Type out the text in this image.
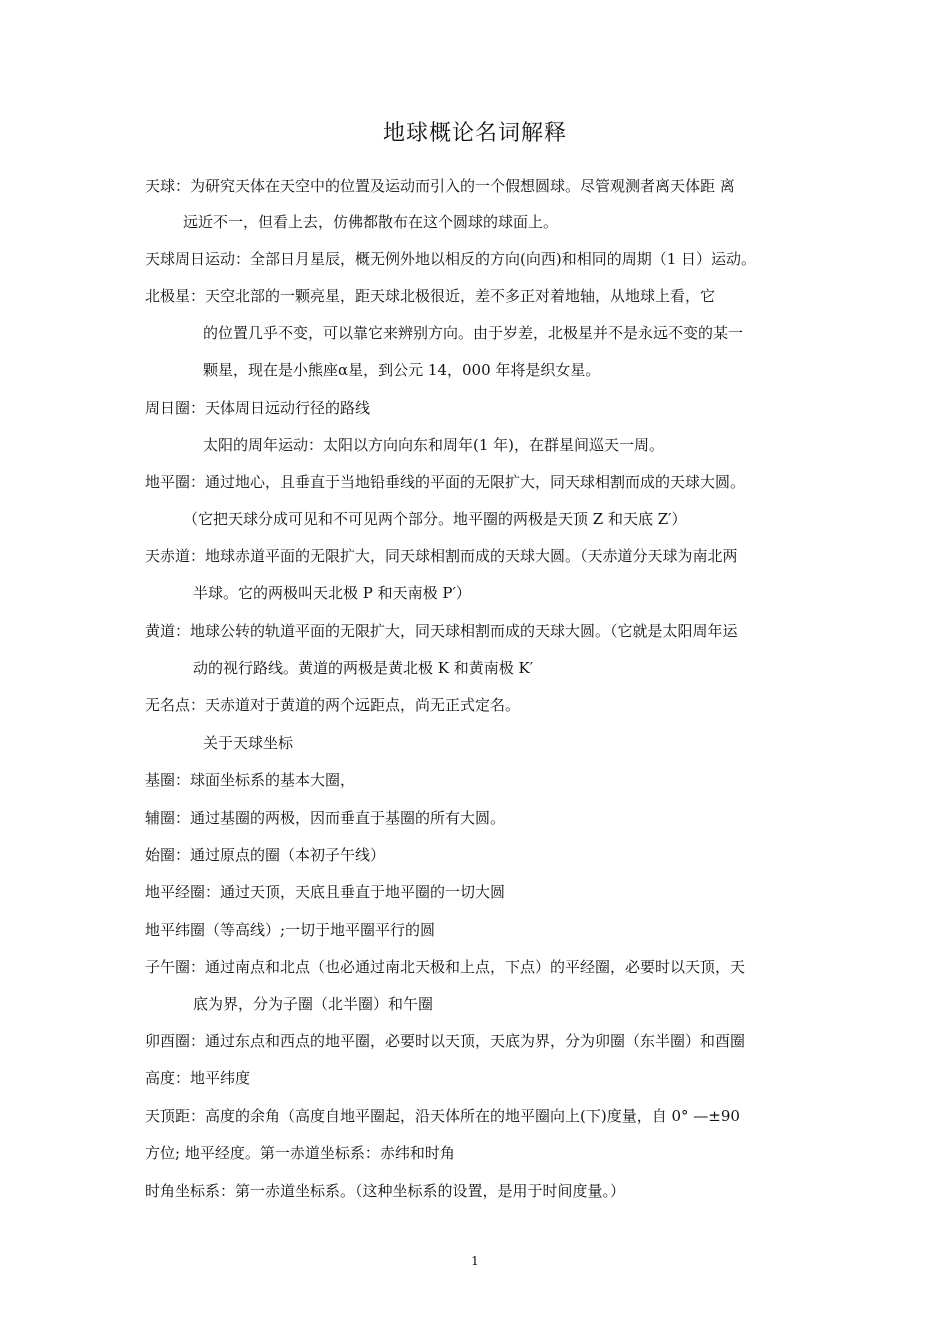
地球概论名词解释
天球：为研究天体在天空中的位置及运动而引入的一个假想圆球。尽管观测者离天体距 离
远近不一，但看上去，仿佛都散布在这个圆球的球面上。
天球周日运动：全部日月星辰，概无例外地以相反的方向(向西)和相同的周期（1 日）运动。
北极星：天空北部的一颗亮星，距天球北极很近，差不多正对着地轴，从地球上看，它
的位置几乎不变，可以靠它来辨别方向。由于岁差，北极星并不是永远不变的某一
颗星，现在是小熊座α星，到公元 14，000 年将是织女星。
周日圈：天体周日远动行径的路线
太阳的周年运动：太阳以方向向东和周年(1 年)，在群星间巡天一周。
地平圈：通过地心，且垂直于当地铅垂线的平面的无限扩大，同天球相割而成的天球大圆。
（它把天球分成可见和不可见两个部分。地平圈的两极是天顶 Z 和天底 Z′）
天赤道：地球赤道平面的无限扩大，同天球相割而成的天球大圆。（天赤道分天球为南北两
半球。它的两极叫天北极 P 和天南极 P′）
黄道：地球公转的轨道平面的无限扩大，同天球相割而成的天球大圆。（它就是太阳周年运
动的视行路线。黄道的两极是黄北极 K 和黄南极 K′
无名点：天赤道对于黄道的两个远距点，尚无正式定名。
关于天球坐标
基圈：球面坐标系的基本大圈，
辅圈：通过基圈的两极，因而垂直于基圈的所有大圆。
始圈：通过原点的圈（本初子午线）
地平经圈：通过天顶，天底且垂直于地平圈的一切大圆
地平纬圈（等高线）;一切于地平圈平行的圆
子午圈：通过南点和北点（也必通过南北天极和上点，下点）的平经圈，必要时以天顶，天
底为界，分为子圈（北半圈）和午圈
卯酉圈：通过东点和西点的地平圈，必要时以天顶，天底为界，分为卯圈（东半圈）和酉圈
高度：地平纬度
天顶距：高度的余角（高度自地平圈起，沿天体所在的地平圈向上(下)度量，自 0° —±90
方位; 地平经度。第一赤道坐标系：赤纬和时角
时角坐标系：第一赤道坐标系。（这种坐标系的设置，是用于时间度量。）
1
